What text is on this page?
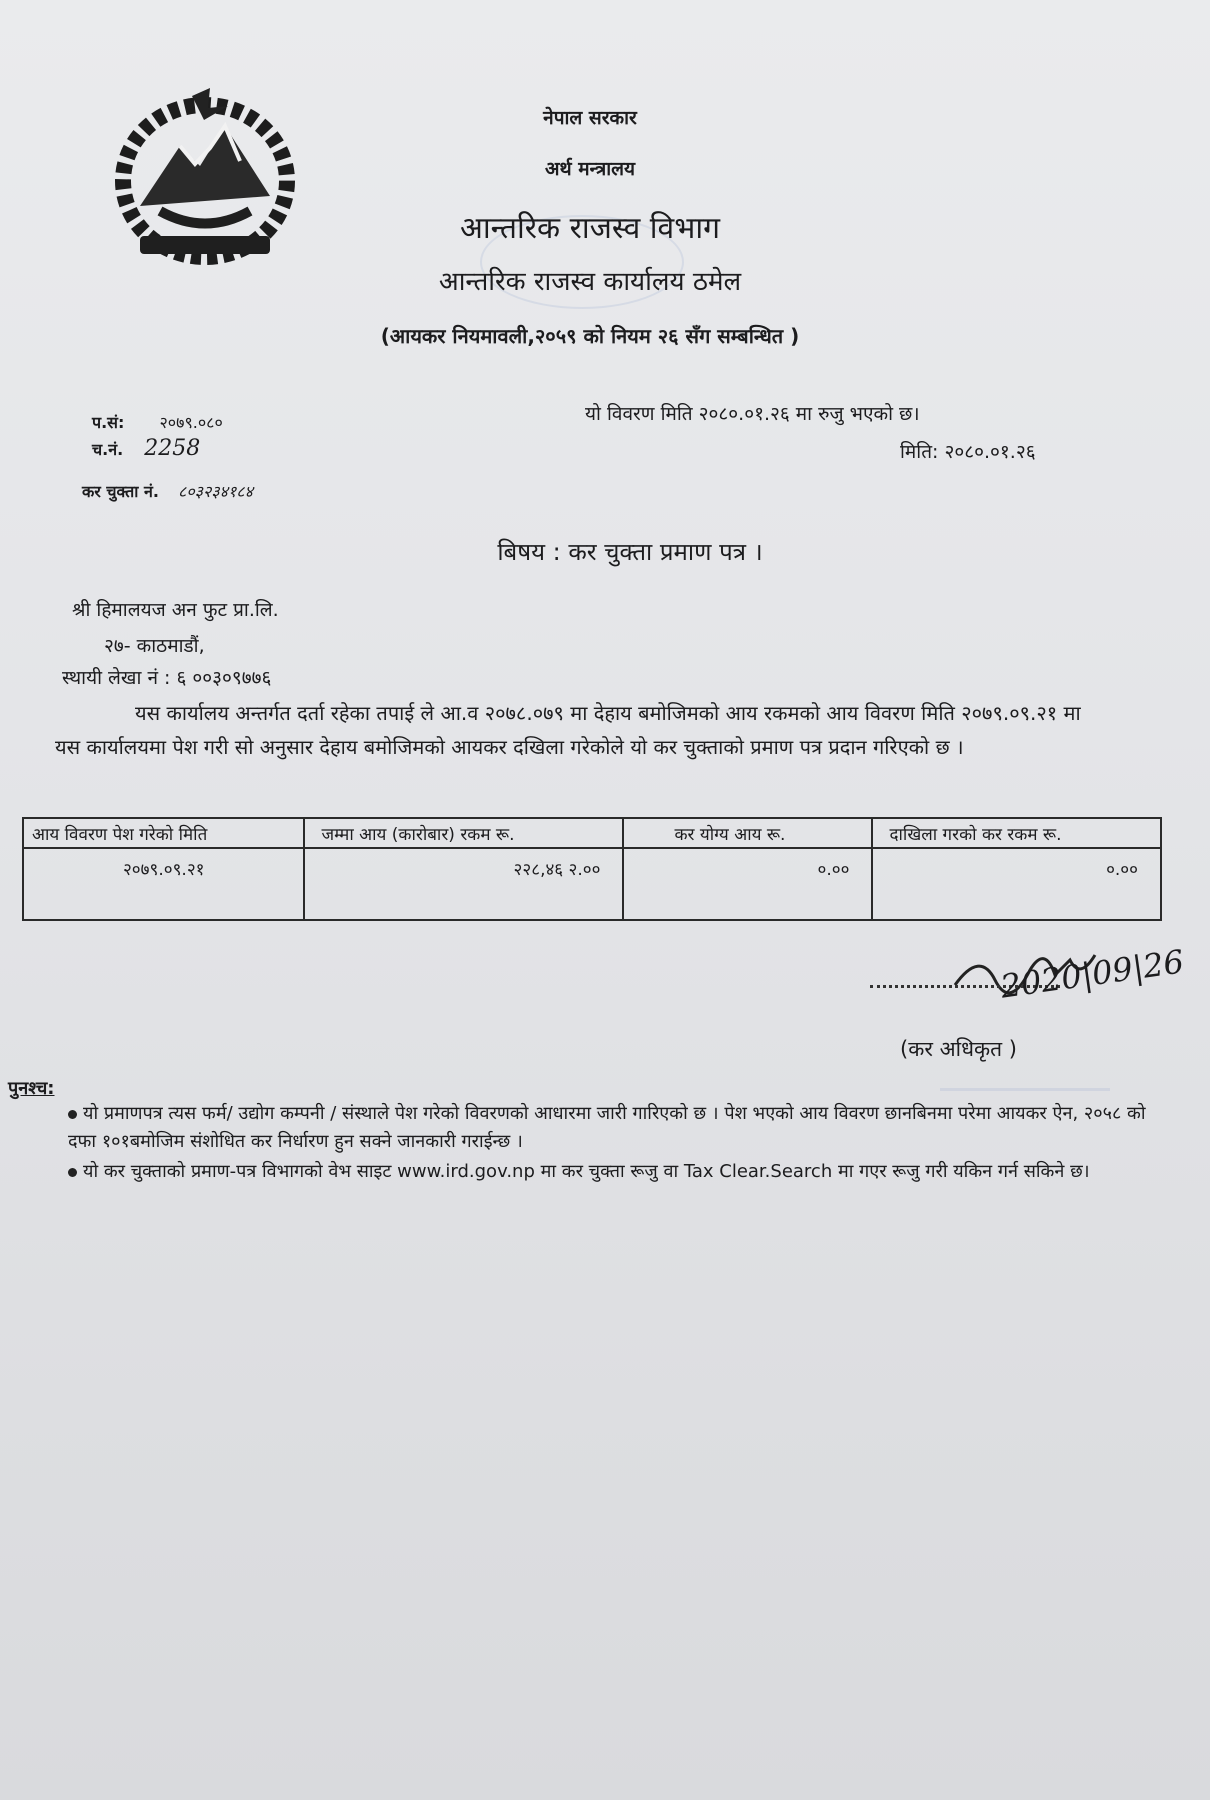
नेपाल सरकार
अर्थ मन्त्रालय
आन्तरिक राजस्व विभाग
आन्तरिक राजस्व कार्यालय ठमेल
(आयकर नियमावली,२०५९ को नियम २६ सँग सम्बन्धित )
प.सं: २०७९.०८०
च.नं. 2258
कर चुक्ता नं. ८०३२३४१८४
यो विवरण मिति २०८०.०१.२६ मा रुजु भएको छ।
मिति: २०८०.०१.२६
बिषय : कर चुक्ता प्रमाण पत्र ।
श्री हिमालयज अन फुट प्रा.लि.
२७- काठमाडौं,
स्थायी लेखा नं : ६ ००३०९७७६
यस कार्यालय अन्तर्गत दर्ता रहेका तपाई ले आ.व २०७८.०७९ मा देहाय बमोजिमको आय रकमको आय विवरण मिति २०७९.०९.२१ मा यस कार्यालयमा पेश गरी सो अनुसार देहाय बमोजिमको आयकर दखिला गरेकोले यो कर चुक्ताको प्रमाण पत्र प्रदान गरिएको छ ।
आय विवरण पेश गरेको मिति	जम्मा आय (कारोबार) रकम रू.	कर योग्य आय रू.	दाखिला गरको कर रकम रू.
२०७९.०९.२१	२२८,४६ २.००	०.००	०.००
2020|09|26
(कर अधिकृत )
पुनश्च:
यो प्रमाणपत्र त्यस फर्म/ उद्योग कम्पनी / संस्थाले पेश गरेको विवरणको आधारमा जारी गारिएको छ । पेश भएको आय विवरण छानबिनमा परेमा आयकर ऐन, २०५८ को दफा १०१बमोजिम संशोधित कर निर्धारण हुन सक्ने जानकारी गराईन्छ ।
यो कर चुक्ताको प्रमाण-पत्र विभागको वेभ साइट www.ird.gov.np मा कर चुक्ता रूजु वा Tax Clear.Search मा गएर रूजु गरी यकिन गर्न सकिने छ।
